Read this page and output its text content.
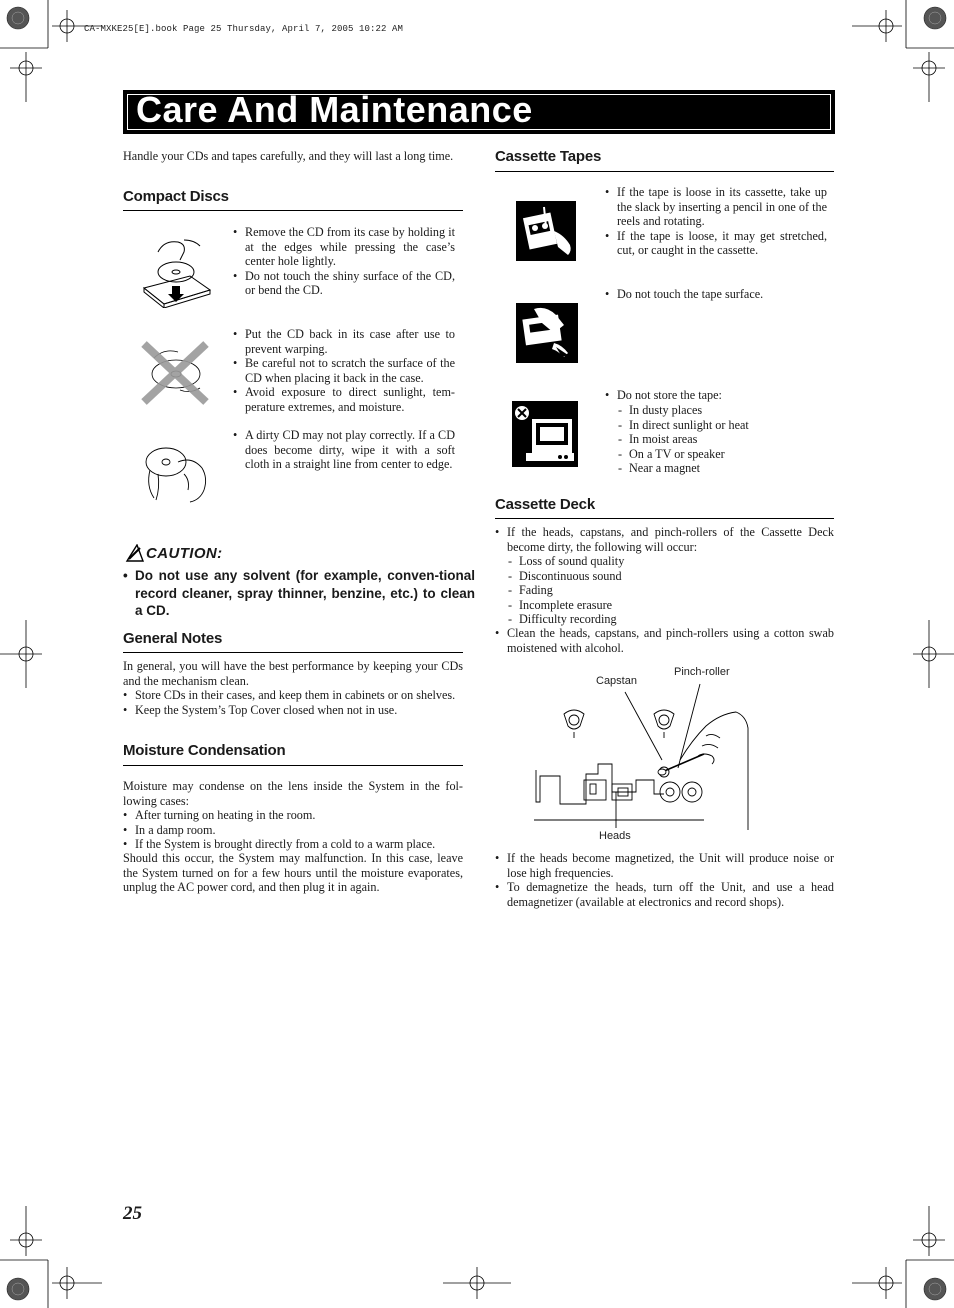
CA-MXKE25[E].book Page 25 Thursday, April 7, 2005 10:22 AM
Care And Maintenance
Handle your CDs and tapes carefully, and they will last a long time.
Compact Discs
• Remove the CD from its case by holding it at the edges while pressing the case’s center hole lightly.
• Do not touch the shiny surface of the CD, or bend the CD.
• Put the CD back in its case after use to prevent warping.
• Be careful not to scratch the surface of the CD when placing it back in the case.
• Avoid exposure to direct sunlight, tem-perature extremes, and moisture.
• A dirty CD may not play correctly. If a CD does become dirty, wipe it with a soft cloth in a straight line from center to edge.
CAUTION:
• Do not use any solvent (for example, conven-tional record cleaner, spray thinner, benzine, etc.) to clean a CD.
General Notes
In general, you will have the best performance by keeping your CDs and the mechanism clean.
• Store CDs in their cases, and keep them in cabinets or on shelves.
• Keep the System’s Top Cover closed when not in use.
Moisture Condensation
Moisture may condense on the lens inside the System in the fol-lowing cases:
• After turning on heating in the room.
• In a damp room.
• If the System is brought directly from a cold to a warm place.
Should this occur, the System may malfunction. In this case, leave the System turned on for a few hours until the moisture evaporates, unplug the AC power cord, and then plug it in again.
Cassette Tapes
• If the tape is loose in its cassette, take up the slack by inserting a pencil in one of the reels and rotating.
• If the tape is loose, it may get stretched, cut, or caught in the cassette.
• Do not touch the tape surface.
• Do not store the tape:
- In dusty places
- In direct sunlight or heat
- In moist areas
- On a TV or speaker
- Near a magnet
Cassette Deck
• If the heads, capstans, and pinch-rollers of the Cassette Deck become dirty, the following will occur:
- Loss of sound quality
- Discontinuous sound
- Fading
- Incomplete erasure
- Difficulty recording
• Clean the heads, capstans, and pinch-rollers using a cotton swab moistened with alcohol.
Capstan
Pinch-roller
Heads
• If the heads become magnetized, the Unit will produce noise or lose high frequencies.
• To demagnetize the heads, turn off the Unit, and use a head demagnetizer (available at electronics and record shops).
25
